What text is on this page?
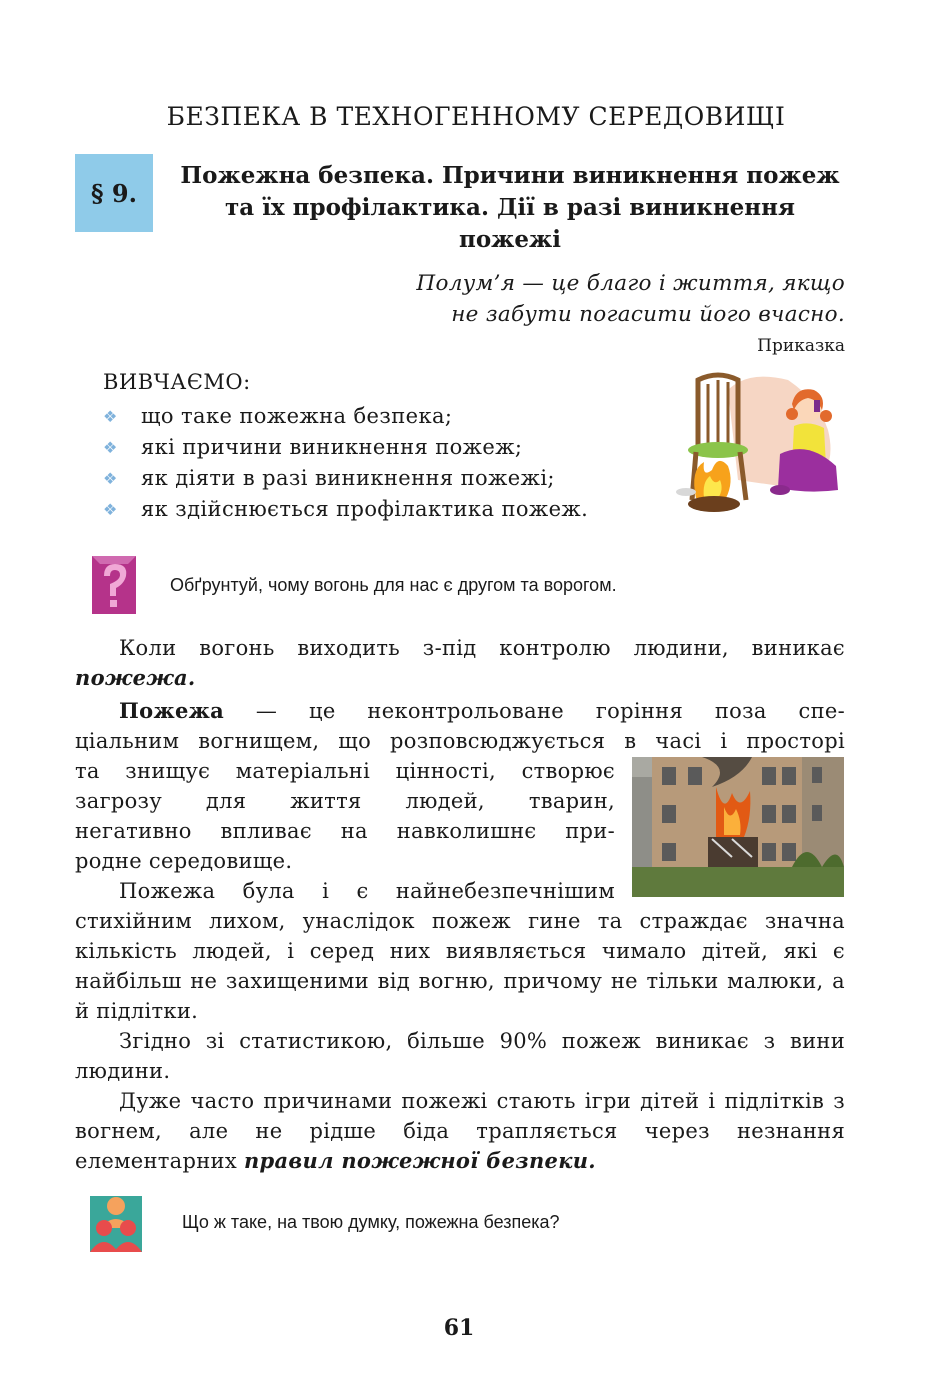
БЕЗПЕКА В ТЕХНОГЕННОМУ СЕРЕДОВИЩІ
§ 9.
Пожежна безпека. Причини виникнення пожеж
та їх профілактика. Дії в разі виникнення
пожежі
Полум’я — це благо і життя, якщо
не забути погасити його вчасно.
Приказка
ВИВЧАЄМО:
❖	що таке пожежна безпека;
❖	які причини виникнення пожеж;
❖	як діяти в разі виникнення пожежі;
❖	як здійснюється профілактика пожеж.
Обґрунтуй, чому вогонь для нас є другом та ворогом.
Коли вогонь виходить з-під контролю людини, виникає пожежа.
Пожежа — це неконтрольоване горіння поза спе-
ціальним вогнищем, що розповсюджується в часі і просторі
та знищує матеріальні цінності, створює
загрозу для життя людей, тварин,
негативно впливає на навколишнє при-
родне середовище.
Пожежа була і є найнебезпечнішим
стихійним лихом, унаслідок пожеж гине та страждає значна кількість людей, і серед них виявляється чимало дітей, які є найбільш не захищеними від вогню, причому не тільки малюки, а й підлітки.
Згідно зі статистикою, більше 90% пожеж виникає з вини людини.
Дуже часто причинами пожежі стають ігри дітей і підлітків з вогнем, але не рідше біда трапляється через незнання елементарних правил пожежної безпеки.
Що ж таке, на твою думку, пожежна безпека?
61
